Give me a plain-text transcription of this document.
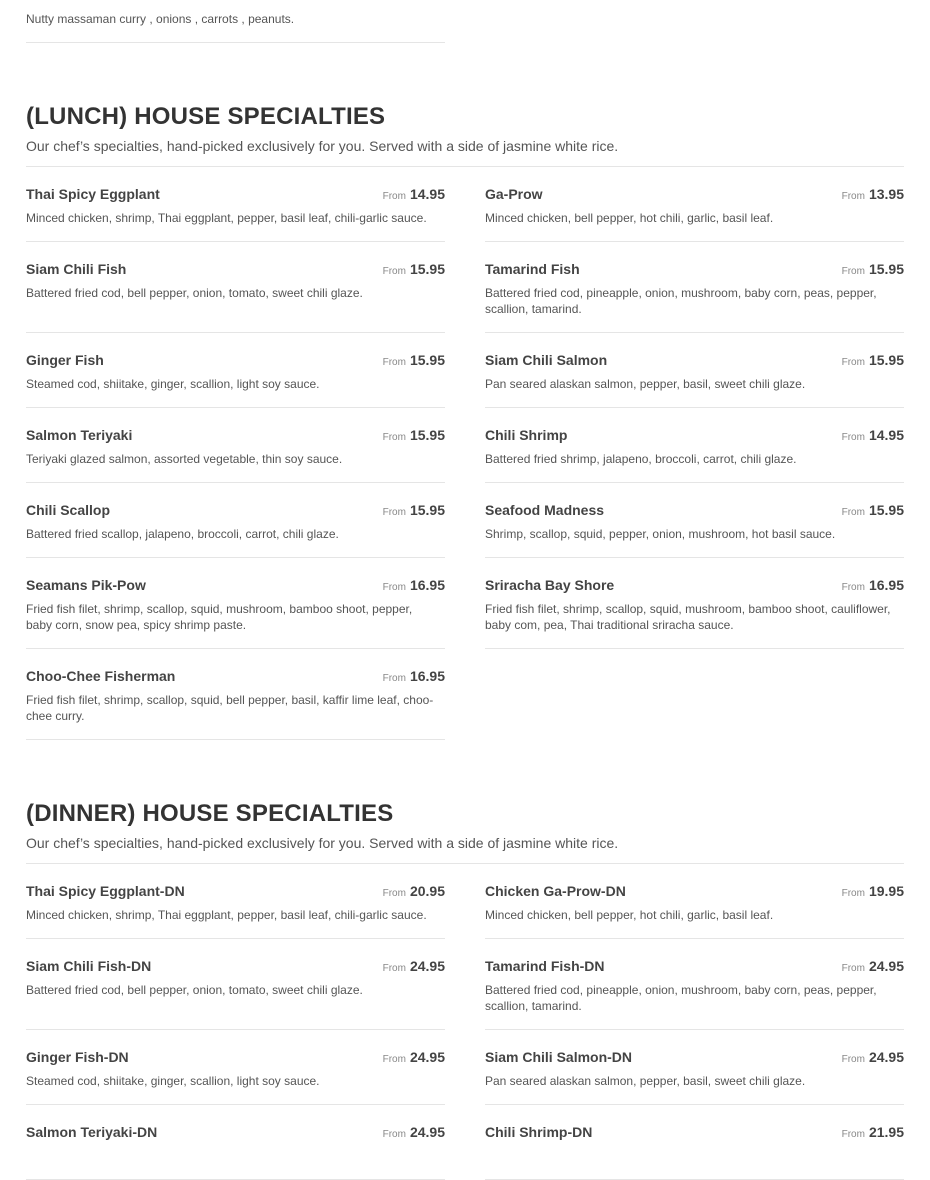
Nutty massaman curry , onions , carrots , peanuts.
(LUNCH) HOUSE SPECIALTIES
Our chef’s specialties, hand-picked exclusively for you. Served with a side of jasmine white rice.
Thai Spicy Eggplant	From 14.95
Minced chicken, shrimp, Thai eggplant, pepper, basil leaf, chili-garlic sauce.
Ga-Prow	From 13.95
Minced chicken, bell pepper, hot chili, garlic, basil leaf.
Siam Chili Fish	From 15.95
Battered fried cod, bell pepper, onion, tomato, sweet chili glaze.
Tamarind Fish	From 15.95
Battered fried cod, pineapple, onion, mushroom, baby corn, peas, pepper, scallion, tamarind.
Ginger Fish	From 15.95
Steamed cod, shiitake, ginger, scallion, light soy sauce.
Siam Chili Salmon	From 15.95
Pan seared alaskan salmon, pepper, basil, sweet chili glaze.
Salmon Teriyaki	From 15.95
Teriyaki glazed salmon, assorted vegetable, thin soy sauce.
Chili Shrimp	From 14.95
Battered fried shrimp, jalapeno, broccoli, carrot, chili glaze.
Chili Scallop	From 15.95
Battered fried scallop, jalapeno, broccoli, carrot, chili glaze.
Seafood Madness	From 15.95
Shrimp, scallop, squid, pepper, onion, mushroom, hot basil sauce.
Seamans Pik-Pow	From 16.95
Fried fish filet, shrimp, scallop, squid, mushroom, bamboo shoot, pepper, baby corn, snow pea, spicy shrimp paste.
Sriracha Bay Shore	From 16.95
Fried fish filet, shrimp, scallop, squid, mushroom, bamboo shoot, cauliflower, baby com, pea, Thai traditional sriracha sauce.
Choo-Chee Fisherman	From 16.95
Fried fish filet, shrimp, scallop, squid, bell pepper, basil, kaffir lime leaf, choo-chee curry.
(DINNER) HOUSE SPECIALTIES
Our chef’s specialties, hand-picked exclusively for you. Served with a side of jasmine white rice.
Thai Spicy Eggplant-DN	From 20.95
Minced chicken, shrimp, Thai eggplant, pepper, basil leaf, chili-garlic sauce.
Chicken Ga-Prow-DN	From 19.95
Minced chicken, bell pepper, hot chili, garlic, basil leaf.
Siam Chili Fish-DN	From 24.95
Battered fried cod, bell pepper, onion, tomato, sweet chili glaze.
Tamarind Fish-DN	From 24.95
Battered fried cod, pineapple, onion, mushroom, baby corn, peas, pepper, scallion, tamarind.
Ginger Fish-DN	From 24.95
Steamed cod, shiitake, ginger, scallion, light soy sauce.
Siam Chili Salmon-DN	From 24.95
Pan seared alaskan salmon, pepper, basil, sweet chili glaze.
Salmon Teriyaki-DN	From 24.95	Chili Shrimp-DN	From 21.95
